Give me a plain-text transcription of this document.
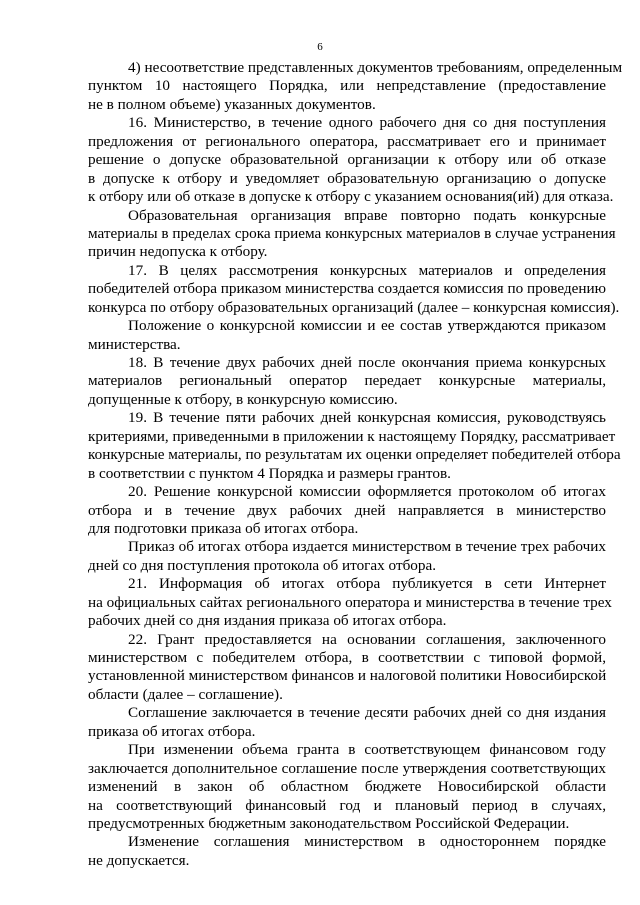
6
4) несоответствие представленных документов требованиям, определенным
пунктом 10 настоящего Порядка, или непредставление (предоставление
не в полном объеме) указанных документов.
16. Министерство, в течение одного рабочего дня со дня поступления
предложения от регионального оператора, рассматривает его и принимает
решение о допуске образовательной организации к отбору или об отказе
в допуске к отбору и уведомляет образовательную организацию о допуске
к отбору или об отказе в допуске к отбору с указанием основания(ий) для отказа.
Образовательная организация вправе повторно подать конкурсные
материалы в пределах срока приема конкурсных материалов в случае устранения
причин недопуска к отбору.
17. В целях рассмотрения конкурсных материалов и определения
победителей отбора приказом министерства создается комиссия по проведению
конкурса по отбору образовательных организаций (далее – конкурсная комиссия).
Положение о конкурсной комиссии и ее состав утверждаются приказом
министерства.
18. В течение двух рабочих дней после окончания приема конкурсных
материалов региональный оператор передает конкурсные материалы,
допущенные к отбору, в конкурсную комиссию.
19. В течение пяти рабочих дней конкурсная комиссия, руководствуясь
критериями, приведенными в приложении к настоящему Порядку, рассматривает
конкурсные материалы, по результатам их оценки определяет победителей отбора
в соответствии с пунктом 4 Порядка и размеры грантов.
20. Решение конкурсной комиссии оформляется протоколом об итогах
отбора и в течение двух рабочих дней направляется в министерство
для подготовки приказа об итогах отбора.
Приказ об итогах отбора издается министерством в течение трех рабочих
дней со дня поступления протокола об итогах отбора.
21. Информация об итогах отбора публикуется в сети Интернет
на официальных сайтах регионального оператора и министерства в течение трех
рабочих дней со дня издания приказа об итогах отбора.
22. Грант предоставляется на основании соглашения, заключенного
министерством с победителем отбора, в соответствии с типовой формой,
установленной министерством финансов и налоговой политики Новосибирской
области (далее – соглашение).
Соглашение заключается в течение десяти рабочих дней со дня издания
приказа об итогах отбора.
При изменении объема гранта в соответствующем финансовом году
заключается дополнительное соглашение после утверждения соответствующих
изменений в закон об областном бюджете Новосибирской области
на соответствующий финансовый год и плановый период в случаях,
предусмотренных бюджетным законодательством Российской Федерации.
Изменение соглашения министерством в одностороннем порядке
не допускается.
